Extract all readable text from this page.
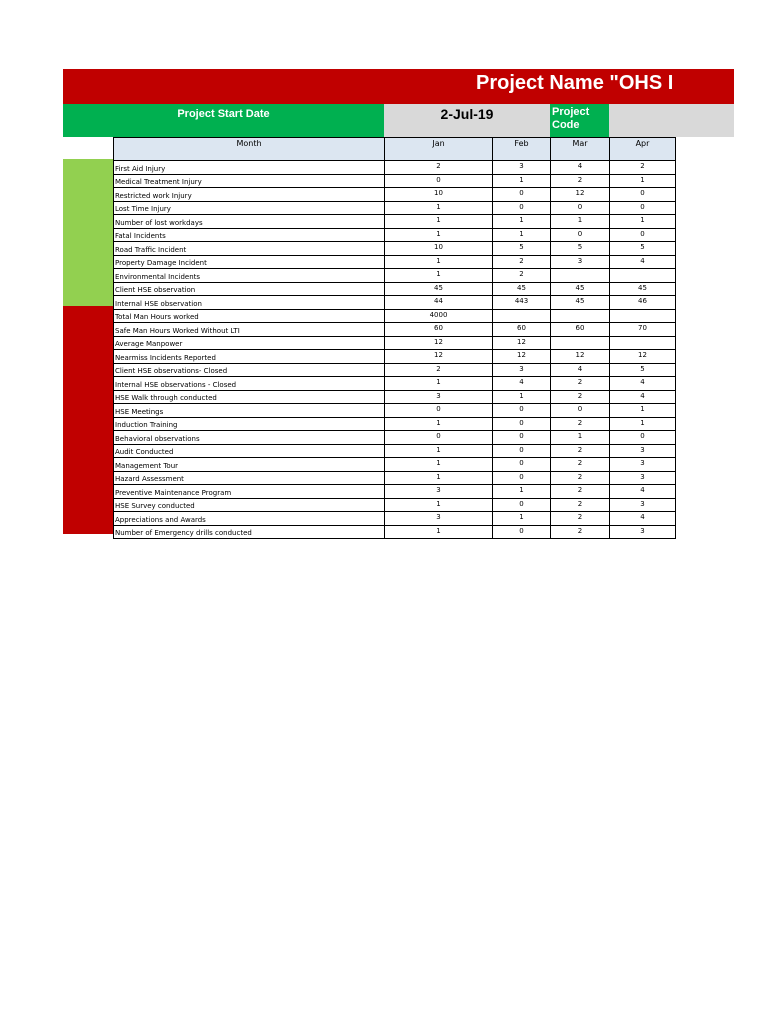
Project Name "OHS I
Project Start Date	2-Jul-19	Project Code
Month	Jan	Feb	Mar	Apr
First Aid Injury	2	3	4	2
Medical Treatment Injury	0	1	2	1
Restricted work Injury	10	0	12	0
Lost Time Injury	1	0	0	0
Number of lost workdays	1	1	1	1
Fatal Incidents	1	1	0	0
Road Traffic Incident	10	5	5	5
Property Damage Incident	1	2	3	4
Environmental Incidents	1	2		
Client HSE observation	45	45	45	45
Internal HSE observation	44	443	45	46
Total Man Hours worked	4000			
Safe Man Hours Worked Without LTI	60	60	60	70
Average Manpower	12	12		
Nearmiss Incidents Reported	12	12	12	12
Client HSE observations- Closed	2	3	4	5
Internal HSE observations - Closed	1	4	2	4
HSE Walk through conducted	3	1	2	4
HSE Meetings	0	0	0	1
Induction Training	1	0	2	1
Behavioral observations	0	0	1	0
Audit Conducted	1	0	2	3
Management Tour	1	0	2	3
Hazard Assessment	1	0	2	3
Preventive Maintenance Program	3	1	2	4
HSE Survey conducted	1	0	2	3
Appreciations and Awards	3	1	2	4
Number of Emergency drills conducted	1	0	2	3
